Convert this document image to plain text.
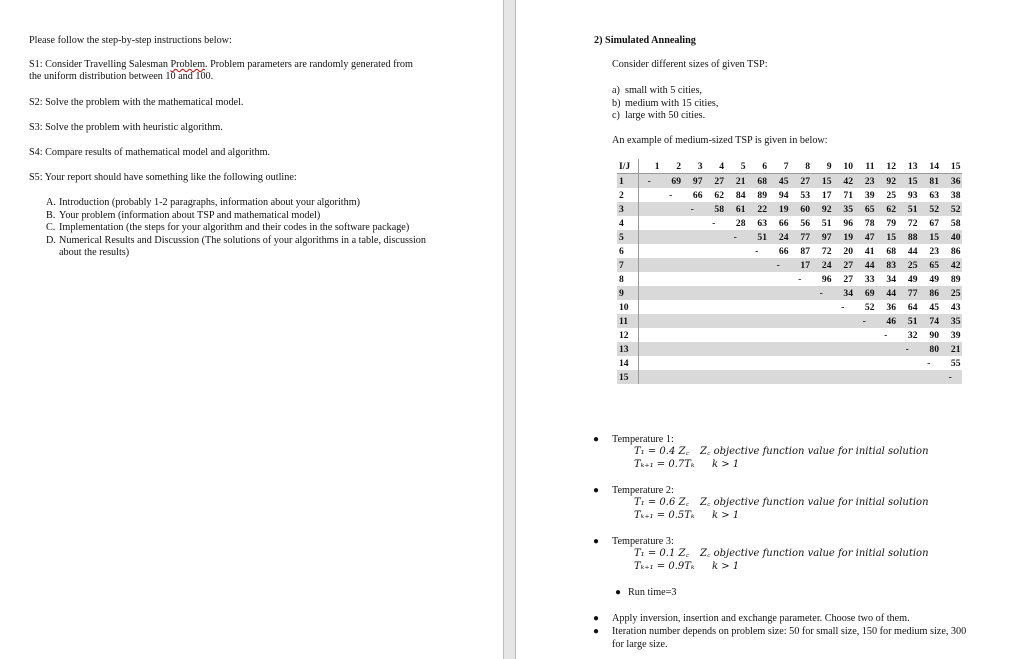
Please follow the step-by-step instructions below:
S1: Consider Travelling Salesman Problem. Problem parameters are randomly generated from
the uniform distribution between 10 and 100.
S2: Solve the problem with the mathematical model.
S3: Solve the problem with heuristic algorithm.
S4: Compare results of mathematical model and algorithm.
S5: Your report should have something like the following outline:
A. Introduction (probably 1-2 paragraphs, information about your algorithm)
B. Your problem (information about TSP and mathematical model)
C. Implementation (the steps for your algorithm and their codes in the software package)
D. Numerical Results and Discussion (The solutions of your algorithms in a table, discussion about the results)
2) Simulated Annealing
Consider different sizes of given TSP:
a) small with 5 cities,
b) medium with 15 cities,
c) large with 50 cities.
An example of medium-sized TSP is given in below:
I/J	1	2	3	4	5	6	7	8	9	10	11	12	13	14	15
1	-	69	97	27	21	68	45	27	15	42	23	92	15	81	36
2		-	66	62	84	89	94	53	17	71	39	25	93	63	38
3			-	58	61	22	19	60	92	35	65	62	51	52	52
4				-	28	63	66	56	51	96	78	79	72	67	58
5					-	51	24	77	97	19	47	15	88	15	40
6						-	66	87	72	20	41	68	44	23	86
7							-	17	24	27	44	83	25	65	42
8								-	96	27	33	34	49	49	89
9									-	34	69	44	77	86	25
10										-	52	36	64	45	43
11											-	46	51	74	35
12												-	32	90	39
13													-	80	21
14														-	55
15															-
● Temperature 1:
T₁ = 0.4 Z꜀ Z꜀ objective function value for initial solution
Tₖ₊₁ = 0.7Tₖ k > 1
● Temperature 2:
T₁ = 0.6 Z꜀ Z꜀ objective function value for initial solution
Tₖ₊₁ = 0.5Tₖ k > 1
● Temperature 3:
T₁ = 0.1 Z꜀ Z꜀ objective function value for initial solution
Tₖ₊₁ = 0.9Tₖ k > 1
● Run time=3
● Apply inversion, insertion and exchange parameter. Choose two of them.
● Iteration number depends on problem size: 50 for small size, 150 for medium size, 300
for large size.
